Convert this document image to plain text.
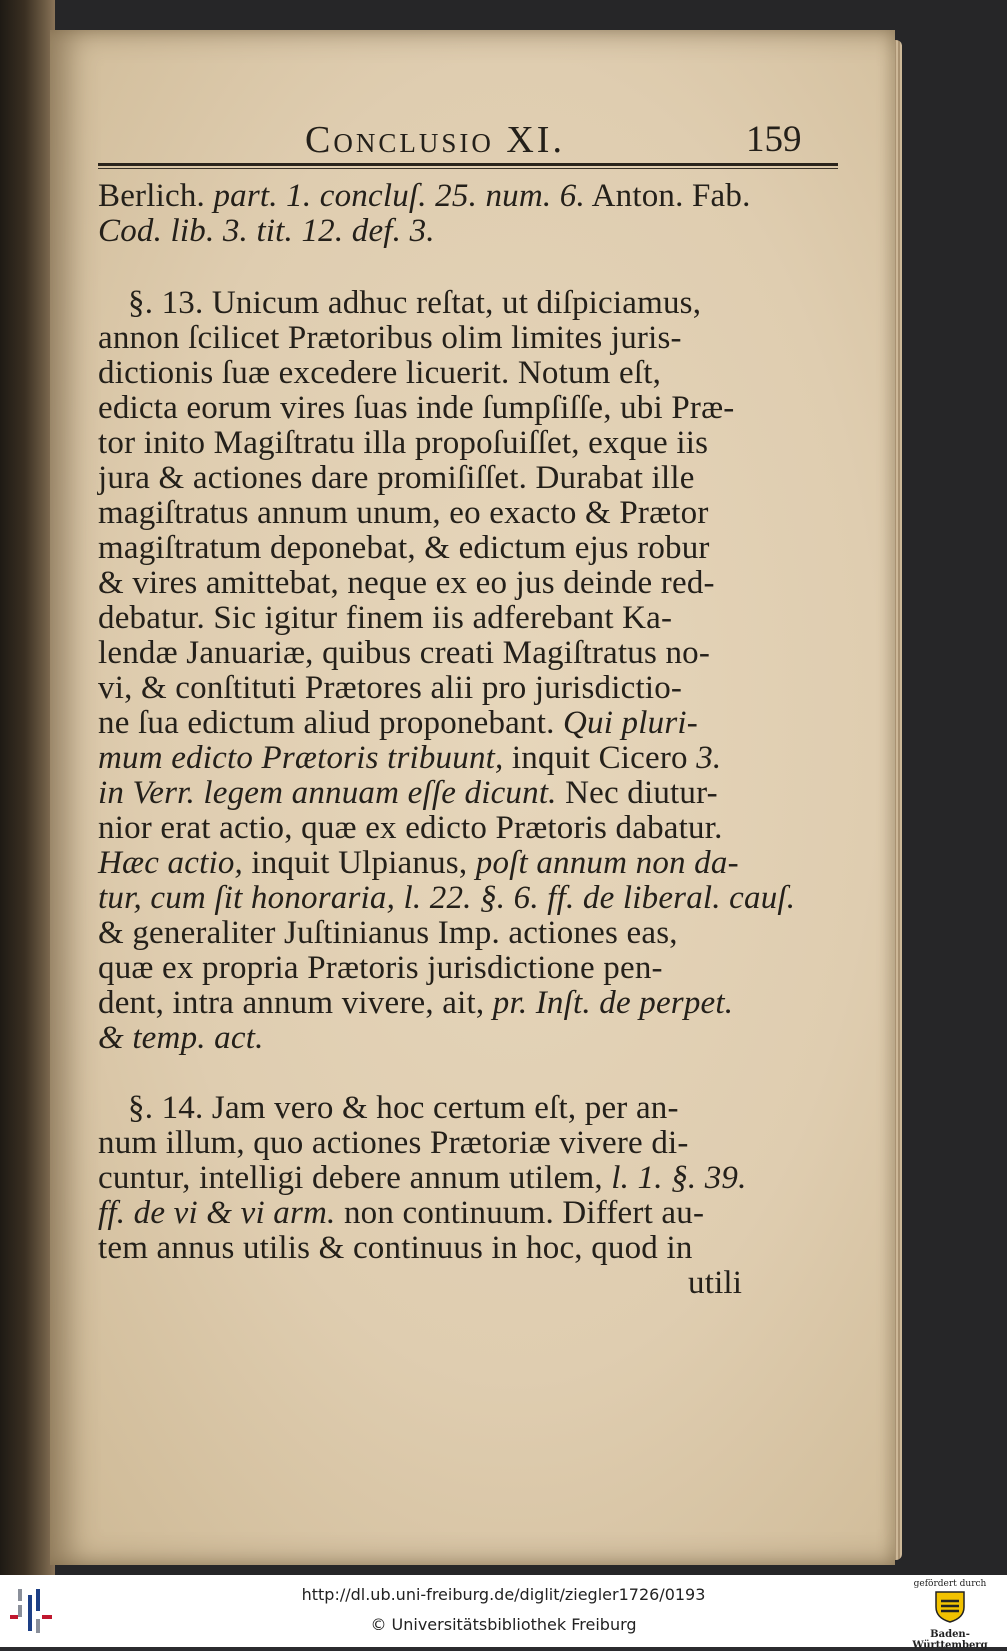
Conclusio XI.	159
Berlich. part. 1. concluſ. 25. num. 6. Anton. Fab.
Cod. lib. 3. tit. 12. def. 3.
§. 13. Unicum adhuc reſtat, ut diſpiciamus,
annon ſcilicet Prætoribus olim limites juris-
dictionis ſuæ excedere licuerit. Notum eſt,
edicta eorum vires ſuas inde ſumpſiſſe, ubi Præ-
tor inito Magiſtratu illa propoſuiſſet, exque iis
jura & actiones dare promiſiſſet. Durabat ille
magiſtratus annum unum, eo exacto & Prætor
magiſtratum deponebat, & edictum ejus robur
& vires amittebat, neque ex eo jus deinde red-
debatur. Sic igitur finem iis adferebant Ka-
lendæ Januariæ, quibus creati Magiſtratus no-
vi, & conſtituti Prætores alii pro jurisdictio-
ne ſua edictum aliud proponebant. Qui pluri-
mum edicto Prætoris tribuunt, inquit Cicero 3.
in Verr. legem annuam eſſe dicunt. Nec diutur-
nior erat actio, quæ ex edicto Prætoris dabatur.
Hæc actio, inquit Ulpianus, poſt annum non da-
tur, cum ſit honoraria, l. 22. §. 6. ff. de liberal. cauſ.
& generaliter Juſtinianus Imp. actiones eas,
quæ ex propria Prætoris jurisdictione pen-
dent, intra annum vivere, ait, pr. Inſt. de perpet.
& temp. act.
§. 14. Jam vero & hoc certum eſt, per an-
num illum, quo actiones Prætoriæ vivere di-
cuntur, intelligi debere annum utilem, l. 1. §. 39.
ff. de vi & vi arm. non continuum. Differt au-
tem annus utilis & continuus in hoc, quod in
utili
http://dl.ub.uni-freiburg.de/diglit/ziegler1726/0193
© Universitätsbibliothek Freiburg
gefördert durch
Baden-Württemberg
